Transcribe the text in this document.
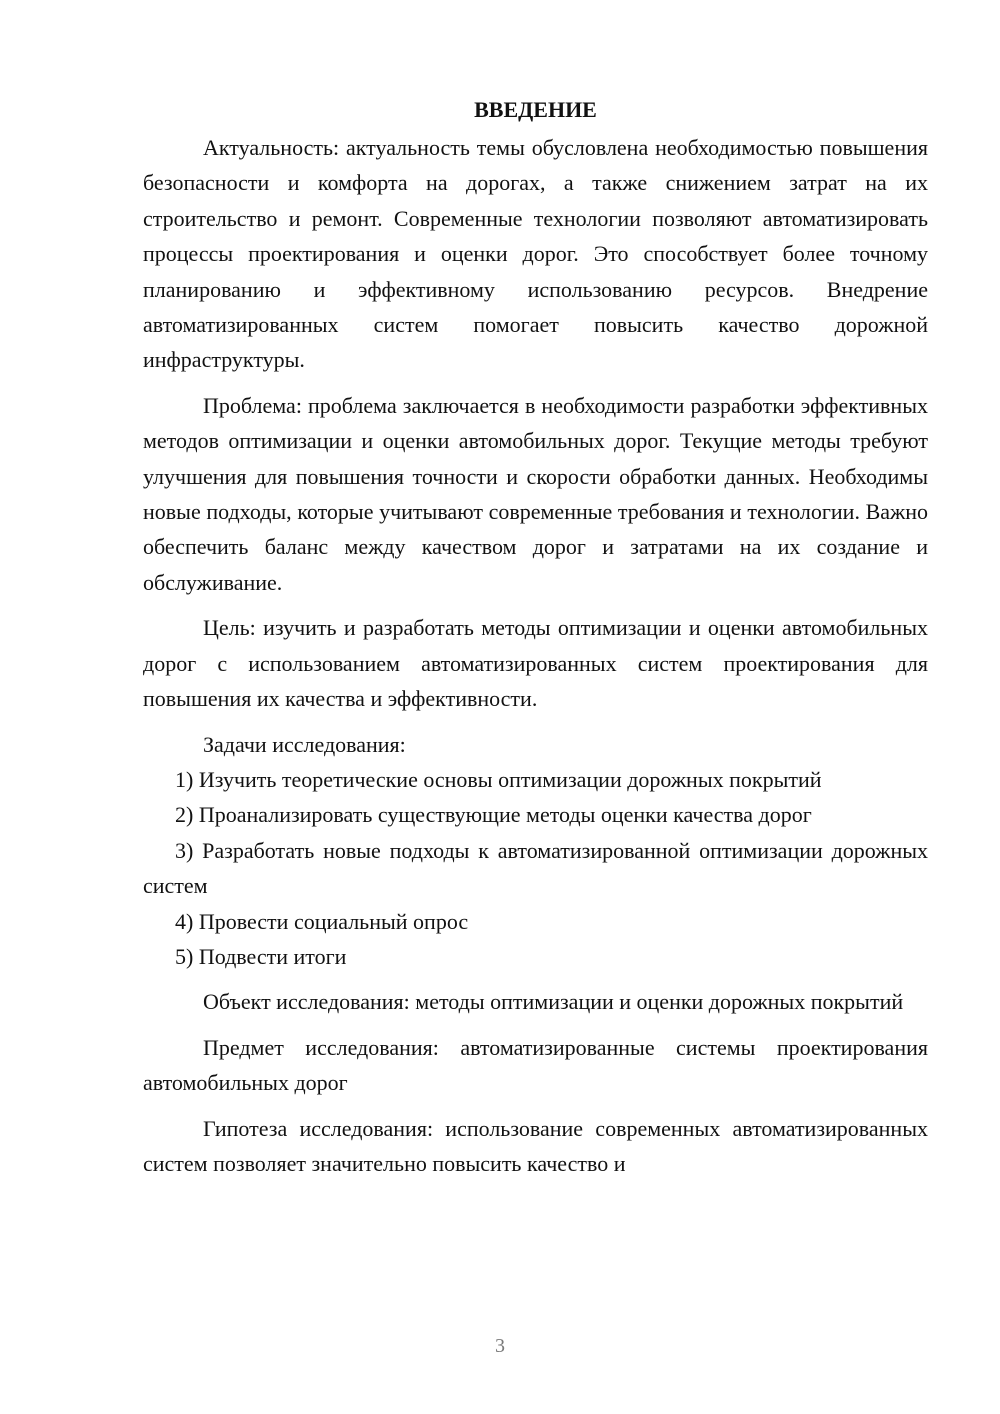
ВВЕДЕНИЕ

Актуальность: актуальность темы обусловлена необходимостью повышения безопасности и комфорта на дорогах, а также снижением затрат на их строительство и ремонт. Современные технологии позволяют автоматизировать процессы проектирования и оценки дорог. Это способствует более точному планированию и эффективному использованию ресурсов. Внедрение автоматизированных систем помогает повысить качество дорожной инфраструктуры.

Проблема: проблема заключается в необходимости разработки эффективных методов оптимизации и оценки автомобильных дорог. Текущие методы требуют улучшения для повышения точности и скорости обработки данных. Необходимы новые подходы, которые учитывают современные требования и технологии. Важно обеспечить баланс между качеством дорог и затратами на их создание и обслуживание.

Цель: изучить и разработать методы оптимизации и оценки автомобильных дорог с использованием автоматизированных систем проектирования для повышения их качества и эффективности.

Задачи исследования:

1) Изучить теоретические основы оптимизации дорожных покрытий

2) Проанализировать существующие методы оценки качества дорог

3) Разработать новые подходы к автоматизированной оптимизации дорожных систем

4) Провести социальный опрос

5) Подвести итоги

Объект исследования: методы оптимизации и оценки дорожных покрытий

Предмет исследования: автоматизированные системы проектирования автомобильных дорог

Гипотеза исследования: использование современных автоматизированных систем позволяет значительно повысить качество и

3
